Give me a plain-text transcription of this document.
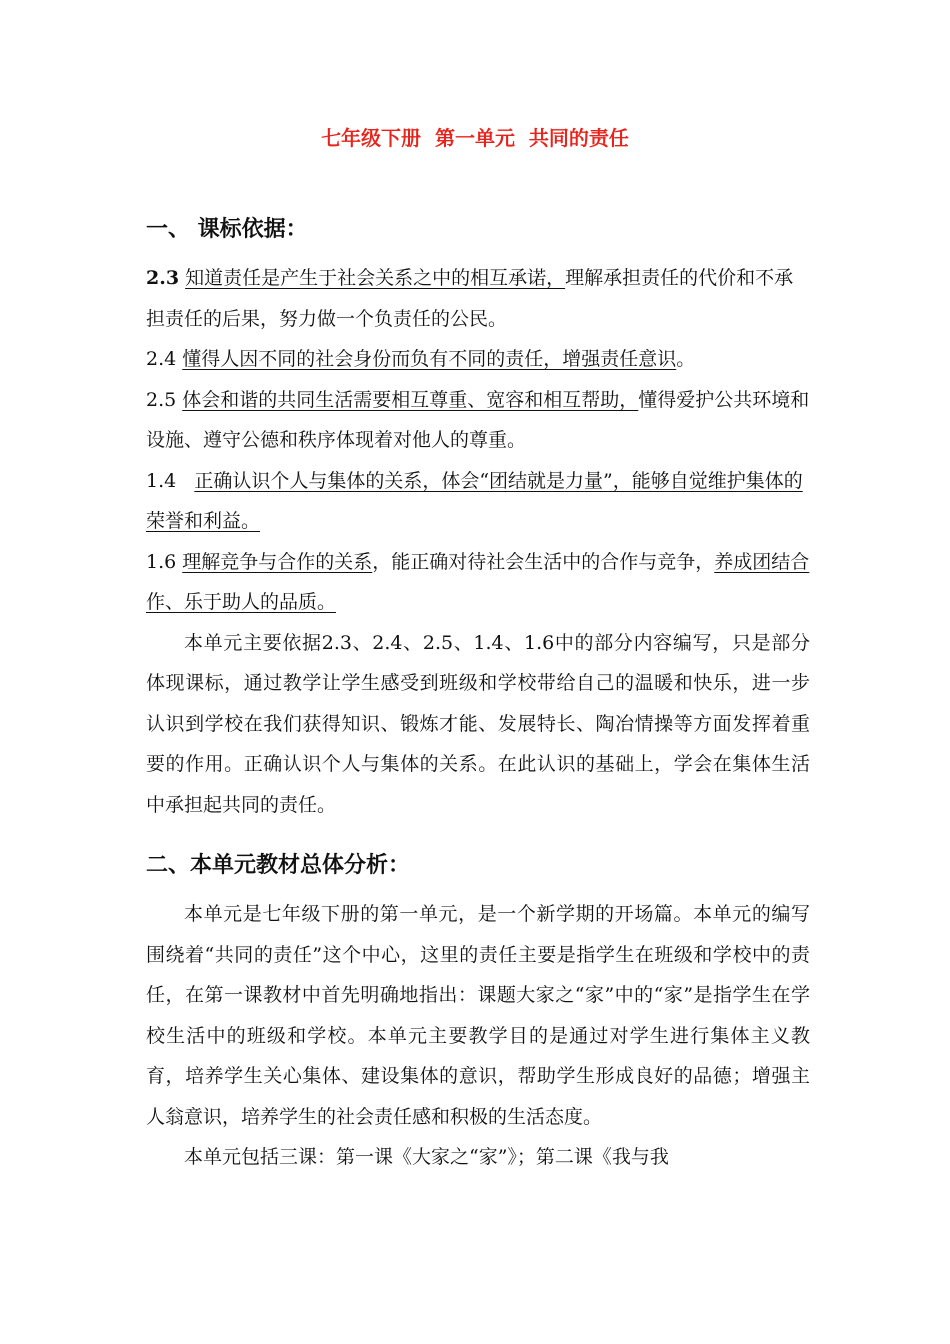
七年级下册  第一单元  共同的责任
一、 课标依据：

2.3 知道责任是产生于社会关系之中的相互承诺，理解承担责任的代价和不承担责任的后果，努力做一个负责任的公民。

2.4 懂得人因不同的社会身份而负有不同的责任，增强责任意识。

2.5 体会和谐的共同生活需要相互尊重、宽容和相互帮助，懂得爱护公共环境和设施、遵守公德和秩序体现着对他人的尊重。

1.4 正确认识个人与集体的关系，体会“团结就是力量”，能够自觉维护集体的荣誉和利益。

1.6 理解竞争与合作的关系，能正确对待社会生活中的合作与竞争，养成团结合作、乐于助人的品质。

本单元主要依据2.3、2.4、2.5、1.4、1.6中的部分内容编写，只是部分体现课标，通过教学让学生感受到班级和学校带给自己的温暖和快乐，进一步认识到学校在我们获得知识、锻炼才能、发展特长、陶冶情操等方面发挥着重要的作用。正确认识个人与集体的关系。在此认识的基础上，学会在集体生活中承担起共同的责任。

二、本单元教材总体分析：

本单元是七年级下册的第一单元，是一个新学期的开场篇。本单元的编写围绕着“共同的责任”这个中心，这里的责任主要是指学生在班级和学校中的责任，在第一课教材中首先明确地指出：课题大家之“家”中的“家”是指学生在学校生活中的班级和学校。本单元主要教学目的是通过对学生进行集体主义教育，培养学生关心集体、建设集体的意识，帮助学生形成良好的品德；增强主人翁意识，培养学生的社会责任感和积极的生活态度。

本单元包括三课：第一课《大家之“家”》；第二课《我与我
